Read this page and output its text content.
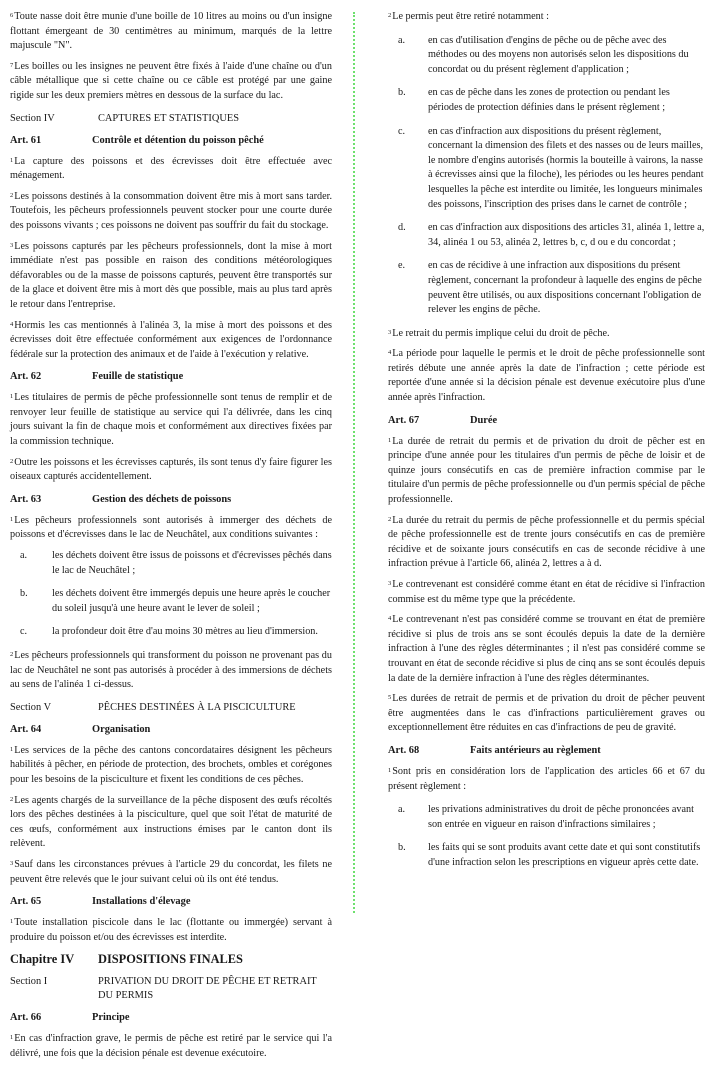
$^6$Toute nasse doit être munie d'une boille de 10 litres au moins ou d'un insigne flottant émergeant de 30 centimètres au minimum, marqués de la lettre majuscule "N".

$^7$Les boilles ou les insignes ne peuvent être fixés à l'aide d'une chaîne ou d'un câble métallique que si cette chaîne ou ce câble est protégé par une gaine rigide sur les deux premiers mètres en dessous de la surface du lac.

Section IV	CAPTURES ET STATISTIQUES
Art. 61	Contrôle et détention du poisson pêché

$^1$La capture des poissons et des écrevisses doit être effectuée avec ménagement.

$^2$Les poissons destinés à la consommation doivent être mis à mort sans tarder. Toutefois, les pêcheurs professionnels peuvent stocker pour une courte durée des poissons vivants ; ces poissons ne doivent pas souffrir du fait du stockage.

$^3$Les poissons capturés par les pêcheurs professionnels, dont la mise à mort immédiate n'est pas possible en raison des conditions météorologiques défavorables ou de la masse de poissons capturés, peuvent être transportés sur de la glace et doivent être mis à mort dès que possible, mais au plus tard après le retour dans l'entreprise.

$^4$Hormis les cas mentionnés à l'alinéa 3, la mise à mort des poissons et des écrevisses doit être effectuée conformément aux exigences de l'ordonnance fédérale sur la protection des animaux et de l'aide à l'exécution y relative.

Art. 62	Feuille de statistique

$^1$Les titulaires de permis de pêche professionnelle sont tenus de remplir et de renvoyer leur feuille de statistique au service qui l'a délivrée, dans les cinq jours suivant la fin de chaque mois et conformément aux directives fixées par la commission technique.

$^2$Outre les poissons et les écrevisses capturés, ils sont tenus d'y faire figurer les oiseaux capturés accidentellement.

Art. 63	Gestion des déchets de poissons

$^1$Les pêcheurs professionnels sont autorisés à immerger des déchets de poissons et d'écrevisses dans le lac de Neuchâtel, aux conditions suivantes :

a.	les déchets doivent être issus de poissons et d'écrevisses pêchés dans le lac de Neuchâtel ;
b.	les déchets doivent être immergés depuis une heure après le coucher du soleil jusqu'à une heure avant le lever de soleil ;
c.	la profondeur doit être d'au moins 30 mètres au lieu d'immersion.

$^2$Les pêcheurs professionnels qui transforment du poisson ne provenant pas du lac de Neuchâtel ne sont pas autorisés à procéder à des immersions de déchets au sens de l'alinéa 1 ci-dessus.

Section V	PÊCHES DESTINÉES À LA PISCICULTURE
Art. 64	Organisation

$^1$Les services de la pêche des cantons concordataires désignent les pêcheurs habilités à pêcher, en période de protection, des brochets, ombles et corégones pour les besoins de la pisciculture et fixent les conditions de ces pêches.

$^2$Les agents chargés de la surveillance de la pêche disposent des œufs récoltés lors des pêches destinées à la pisciculture, quel que soit l'état de maturité de ces œufs, conformément aux instructions émises par le canton dont ils relèvent.

$^3$Sauf dans les circonstances prévues à l'article 29 du concordat, les filets ne peuvent être relevés que le jour suivant celui où ils ont été tendus.

Art. 65	Installations d'élevage

$^1$Toute installation piscicole dans le lac (flottante ou immergée) servant à produire du poisson et/ou des écrevisses est interdite.

Chapitre IV	DISPOSITIONS FINALES
Section I	PRIVATION DU DROIT DE PÊCHE ET RETRAIT DU PERMIS
Art. 66	Principe

$^1$En cas d'infraction grave, le permis de pêche est retiré par le service qui l'a délivré, une fois que la décision pénale est devenue exécutoire.

$^2$Le permis peut être retiré notamment :

a.	en cas d'utilisation d'engins de pêche ou de pêche avec des méthodes ou des moyens non autorisés selon les dispositions du concordat ou du présent règlement d'application ;
b.	en cas de pêche dans les zones de protection ou pendant les périodes de protection définies dans le présent règlement ;
c.	en cas d'infraction aux dispositions du présent règlement, concernant la dimension des filets et des nasses ou de leurs mailles, le nombre d'engins autorisés (hormis la bouteille à vairons, la nasse à écrevisses ainsi que la filoche), les périodes ou les heures pendant lesquelles la pêche est interdite ou limitée, les longueurs minimales des poissons, l'inscription des prises dans le carnet de contrôle ;
d.	en cas d'infraction aux dispositions des articles 31, alinéa 1, lettre a, 34, alinéa 1 ou 53, alinéa 2, lettres b, c, d ou e du concordat ;
e.	en cas de récidive à une infraction aux dispositions du présent règlement, concernant la profondeur à laquelle des engins de pêche peuvent être utilisés, ou aux dispositions concernant l'obligation de relever les engins de pêche.

$^3$Le retrait du permis implique celui du droit de pêche.

$^4$La période pour laquelle le permis et le droit de pêche professionnelle sont retirés débute une année après la date de l'infraction ; cette période est reportée d'une année si la décision pénale est devenue exécutoire plus d'une année après l'infraction.

Art. 67	Durée

$^1$La durée de retrait du permis et de privation du droit de pêcher est en principe d'une année pour les titulaires d'un permis de pêche de loisir et de quinze jours consécutifs en cas de première infraction commise par le titulaire d'un permis de pêche professionnelle ou d'un permis spécial de pêche professionnelle.

$^2$La durée du retrait du permis de pêche professionnelle et du permis spécial de pêche professionnelle est de trente jours consécutifs en cas de première récidive et de soixante jours consécutifs en cas de seconde récidive à une infraction prévue à l'article 66, alinéa 2, lettres a à d.

$^3$Le contrevenant est considéré comme étant en état de récidive si l'infraction commise est du même type que la précédente.

$^4$Le contrevenant n'est pas considéré comme se trouvant en état de première récidive si plus de trois ans se sont écoulés depuis la date de la dernière infraction à l'une des règles déterminantes ; il n'est pas considéré comme se trouvant en état de seconde récidive si plus de cinq ans se sont écoulés depuis la date de la dernière infraction à l'une des règles déterminantes.

$^5$Les durées de retrait de permis et de privation du droit de pêcher peuvent être augmentées dans le cas d'infractions particulièrement graves ou exceptionnellement être réduites en cas d'infractions de peu de gravité.

Art. 68	Faits antérieurs au règlement

$^1$Sont pris en considération lors de l'application des articles 66 et 67 du présent règlement :

a.	les privations administratives du droit de pêche prononcées avant son entrée en vigueur en raison d'infractions similaires ;
b.	les faits qui se sont produits avant cette date et qui sont constitutifs d'une infraction selon les prescriptions en vigueur après cette date.
